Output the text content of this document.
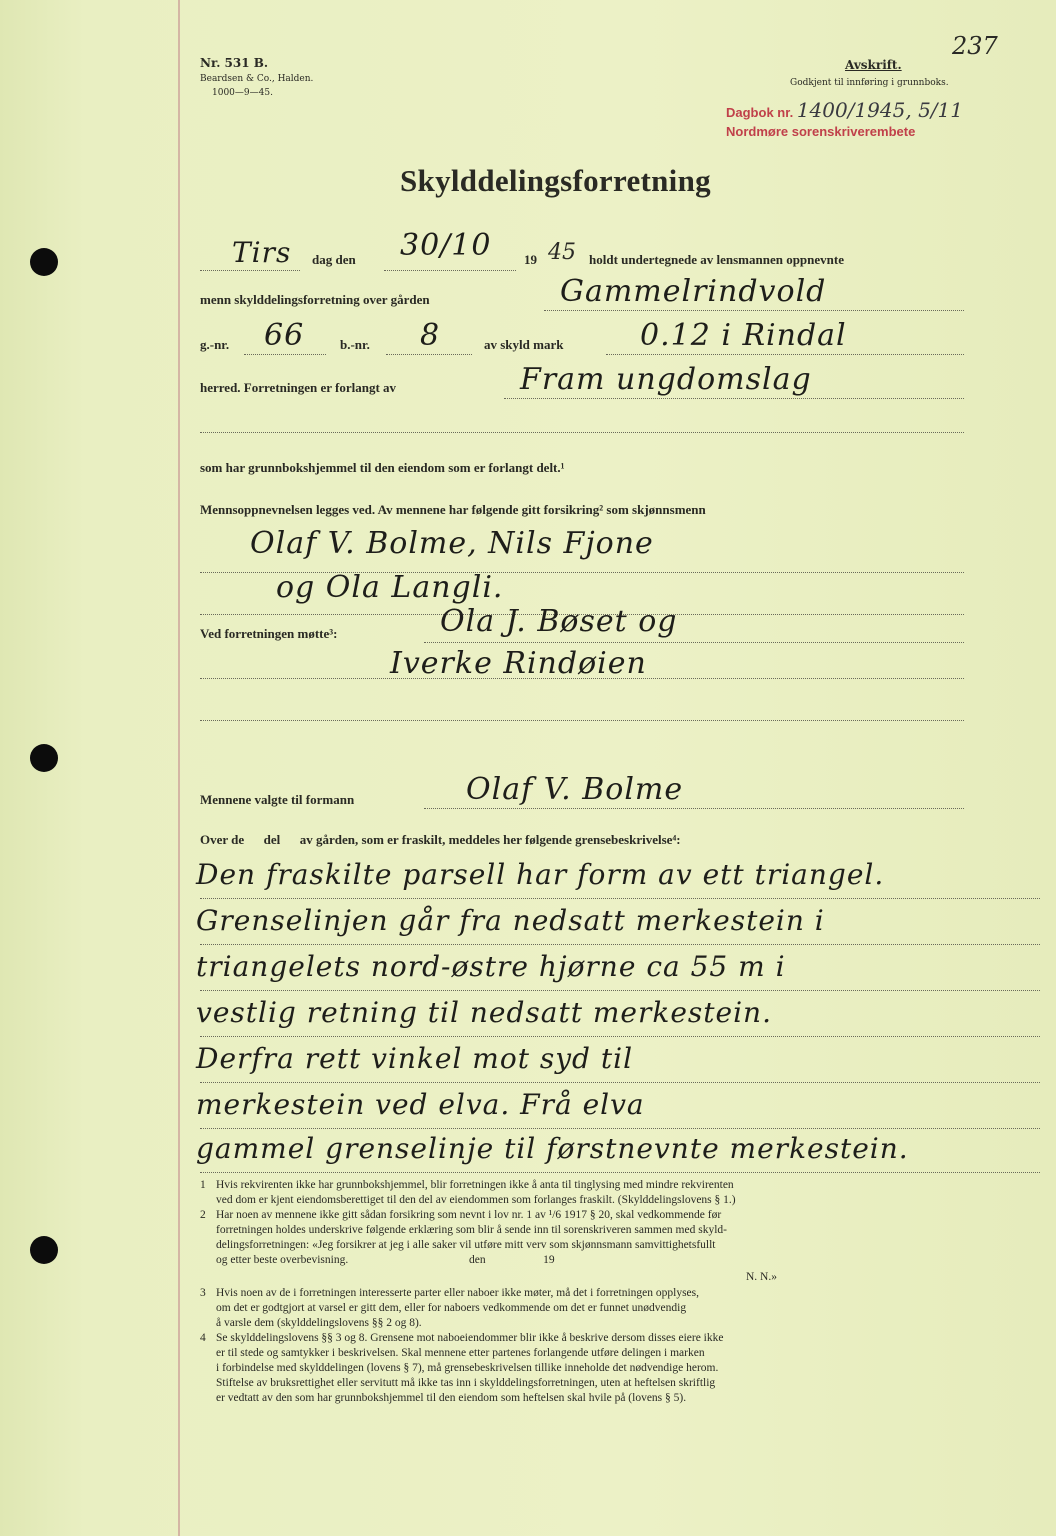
Nr. 531 B.
Beardsen & Co., Halden.
1000—9—45.
Avskrift.
Godkjent til innføring i grunnboks.
237
Dagbok nr. 1400/1945, 5/11
Nordmøre sorenskriverembete
Skylddelingsforretning
Tirs dag den 30/10	19 45 holdt undertegnede av lensmannen oppnevnte
menn skylddelingsforretning over gården	Gammelrindvold
g.-nr. 66	b.-nr. 8	av skyld mark	0.12 i Rindal
herred. Forretningen er forlangt av	Fram ungdomslag
som har grunnbokshjemmel til den eiendom som er forlangt delt.¹
Mennsoppnevnelsen legges ved. Av mennene har følgende gitt forsikring² som skjønnsmenn
Olaf V. Bolme, Nils Fjone
og Ola Langli.
Ved forretningen møtte³:	Ola J. Bøset og
Iverke Rindøien
Mennene valgte til formann	Olaf V. Bolme
Over de      del      av gården, som er fraskilt, meddeles her følgende grensebeskrivelse⁴:
Den fraskilte parsell har form av ett triangel.
Grenselinjen går fra nedsatt merkestein i
triangelets nord-østre hjørne ca 55 m i
vestlig retning til nedsatt merkestein.
Derfra rett vinkel mot syd til
merkestein ved elva. Frå elva
gammel grenselinje til førstnevnte merkestein.
1 Hvis rekvirenten ikke har grunnbokshjemmel, blir forretningen ikke å anta til tinglysing med mindre rekvirenten
ved dom er kjent eiendomsberettiget til den del av eiendommen som forlanges fraskilt. (Skylddelingslovens § 1.)
2 Har noen av mennene ikke gitt sådan forsikring som nevnt i lov nr. 1 av ¹/6 1917 § 20, skal vedkommende før
forretningen holdes underskrive følgende erklæring som blir å sende inn til sorenskriveren sammen med skyld-
delingsforretningen: «Jeg forsikrer at jeg i alle saker vil utføre mitt verv som skjønnsmann samvittighetsfullt
og etter beste overbevisning.                                          den                    19
N. N.»
3 Hvis noen av de i forretningen interesserte parter eller naboer ikke møter, må det i forretningen opplyses,
om det er godtgjort at varsel er gitt dem, eller for naboers vedkommende om det er funnet unødvendig
å varsle dem (skylddelingslovens §§ 2 og 8).
4 Se skylddelingslovens §§ 3 og 8. Grensene mot naboeiendommer blir ikke å beskrive dersom disses eiere ikke
er til stede og samtykker i beskrivelsen. Skal mennene etter partenes forlangende utføre delingen i marken
i forbindelse med skylddelingen (lovens § 7), må grensebeskrivelsen tillike inneholde det nødvendige herom.
Stiftelse av bruksrettighet eller servitutt må ikke tas inn i skylddelingsforretningen, uten at heftelsen skriftlig
er vedtatt av den som har grunnbokshjemmel til den eiendom som heftelsen skal hvile på (lovens § 5).
